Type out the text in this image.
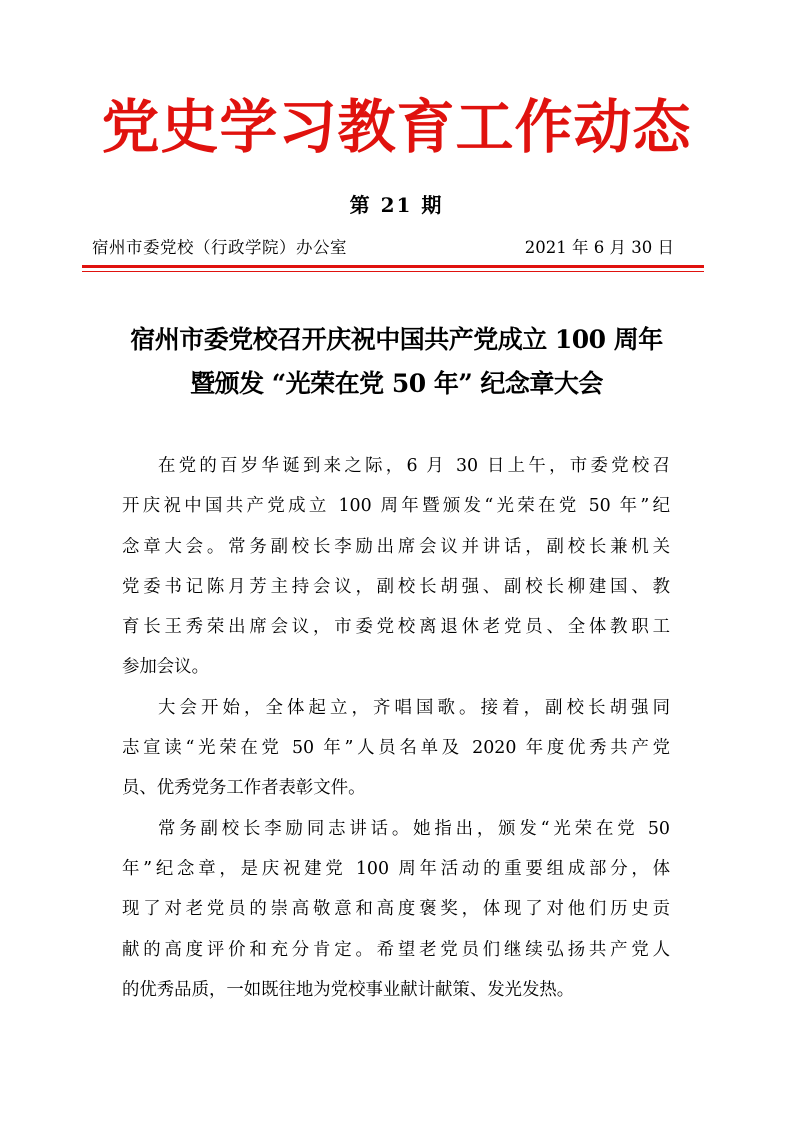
党史学习教育工作动态
第 21 期
宿州市委党校（行政学院）办公室	2021 年 6 月 30 日
宿州市委党校召开庆祝中国共产党成立 100 周年
暨颁发 “光荣在党 50 年” 纪念章大会
在党的百岁华诞到来之际，6 月 30 日上午，市委党校召
开庆祝中国共产党成立 100 周年暨颁发“光荣在党 50 年”纪
念章大会。常务副校长李励出席会议并讲话，副校长兼机关
党委书记陈月芳主持会议，副校长胡强、副校长柳建国、教
育长王秀荣出席会议，市委党校离退休老党员、全体教职工
参加会议。
大会开始，全体起立，齐唱国歌。接着，副校长胡强同
志宣读“光荣在党 50 年”人员名单及 2020 年度优秀共产党
员、优秀党务工作者表彰文件。
常务副校长李励同志讲话。她指出，颁发“光荣在党 50
年”纪念章，是庆祝建党 100 周年活动的重要组成部分，体
现了对老党员的崇高敬意和高度褒奖，体现了对他们历史贡
献的高度评价和充分肯定。希望老党员们继续弘扬共产党人
的优秀品质，一如既往地为党校事业献计献策、发光发热。
